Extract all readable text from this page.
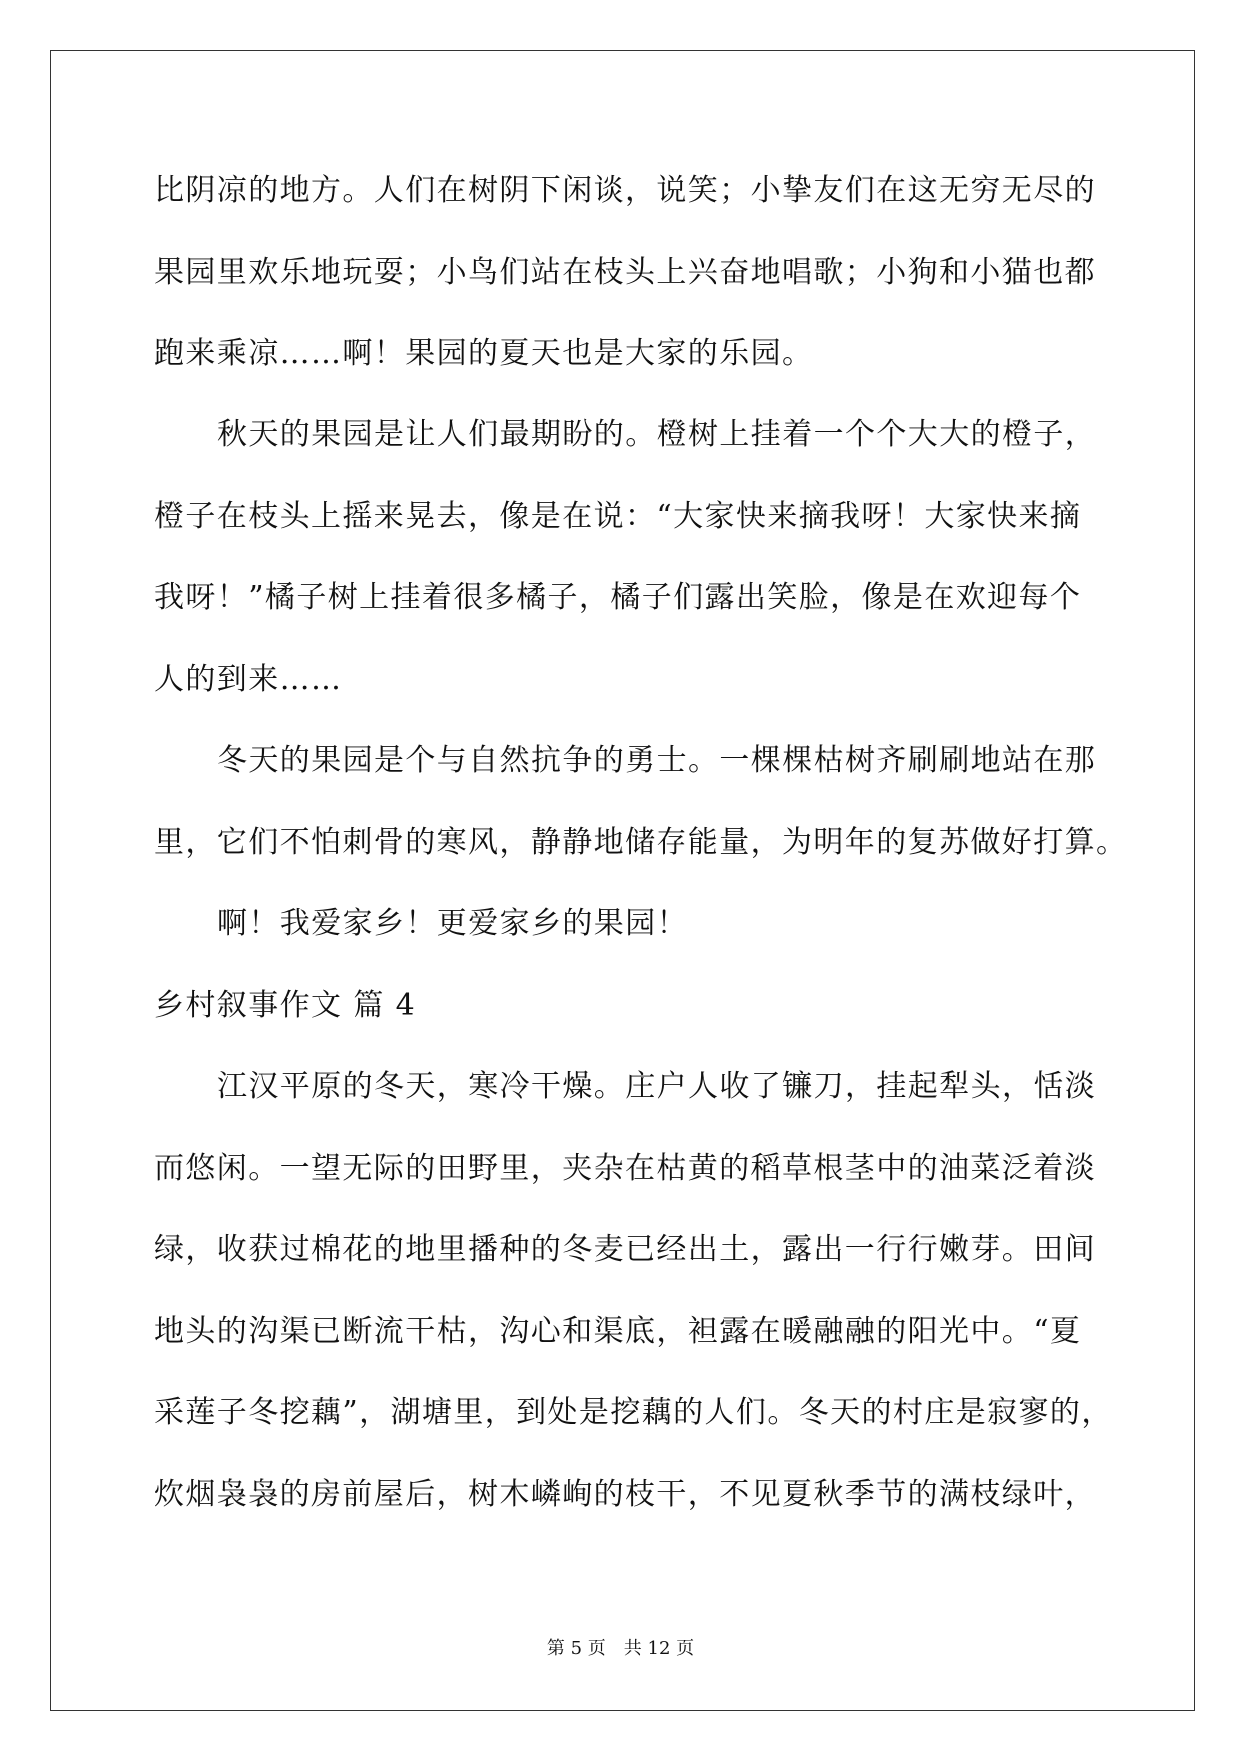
比阴凉的地方。人们在树阴下闲谈，说笑；小挚友们在这无穷无尽的
果园里欢乐地玩耍；小鸟们站在枝头上兴奋地唱歌；小狗和小猫也都
跑来乘凉……啊！果园的夏天也是大家的乐园。
秋天的果园是让人们最期盼的。橙树上挂着一个个大大的橙子，
橙子在枝头上摇来晃去，像是在说：“大家快来摘我呀！大家快来摘
我呀！”橘子树上挂着很多橘子，橘子们露出笑脸，像是在欢迎每个
人的到来……
冬天的果园是个与自然抗争的勇士。一棵棵枯树齐刷刷地站在那
里，它们不怕刺骨的寒风，静静地储存能量，为明年的复苏做好打算。
啊！我爱家乡！更爱家乡的果园！
乡村叙事作文 篇 4
江汉平原的冬天，寒冷干燥。庄户人收了镰刀，挂起犁头，恬淡
而悠闲。一望无际的田野里，夹杂在枯黄的稻草根茎中的油菜泛着淡
绿，收获过棉花的地里播种的冬麦已经出土，露出一行行嫩芽。田间
地头的沟渠已断流干枯，沟心和渠底，袒露在暖融融的阳光中。“夏
采莲子冬挖藕”，湖塘里，到处是挖藕的人们。冬天的村庄是寂寥的，
炊烟袅袅的房前屋后，树木嶙峋的枝干，不见夏秋季节的满枝绿叶，
第 5 页　共 12 页
